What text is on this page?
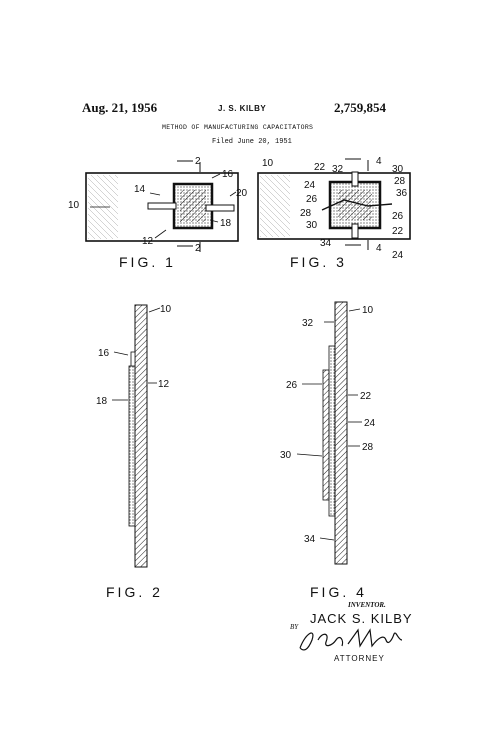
Aug. 21, 1956	J. S. KILBY	2,759,854
METHOD OF MANUFACTURING CAPACITATORS
Filed June 20, 1951
2
16
20
14
10
18
12
2
10	22 32
4
30
28
24
36
26
26
28
30
34
22
4
24
10
16
12
18
32
10
26
22
24
28
30
34
FIG. 1	FIG. 3
FIG. 2	FIG. 4
INVENTOR.
JACK S. KILBY
BY
ATTORNEY
